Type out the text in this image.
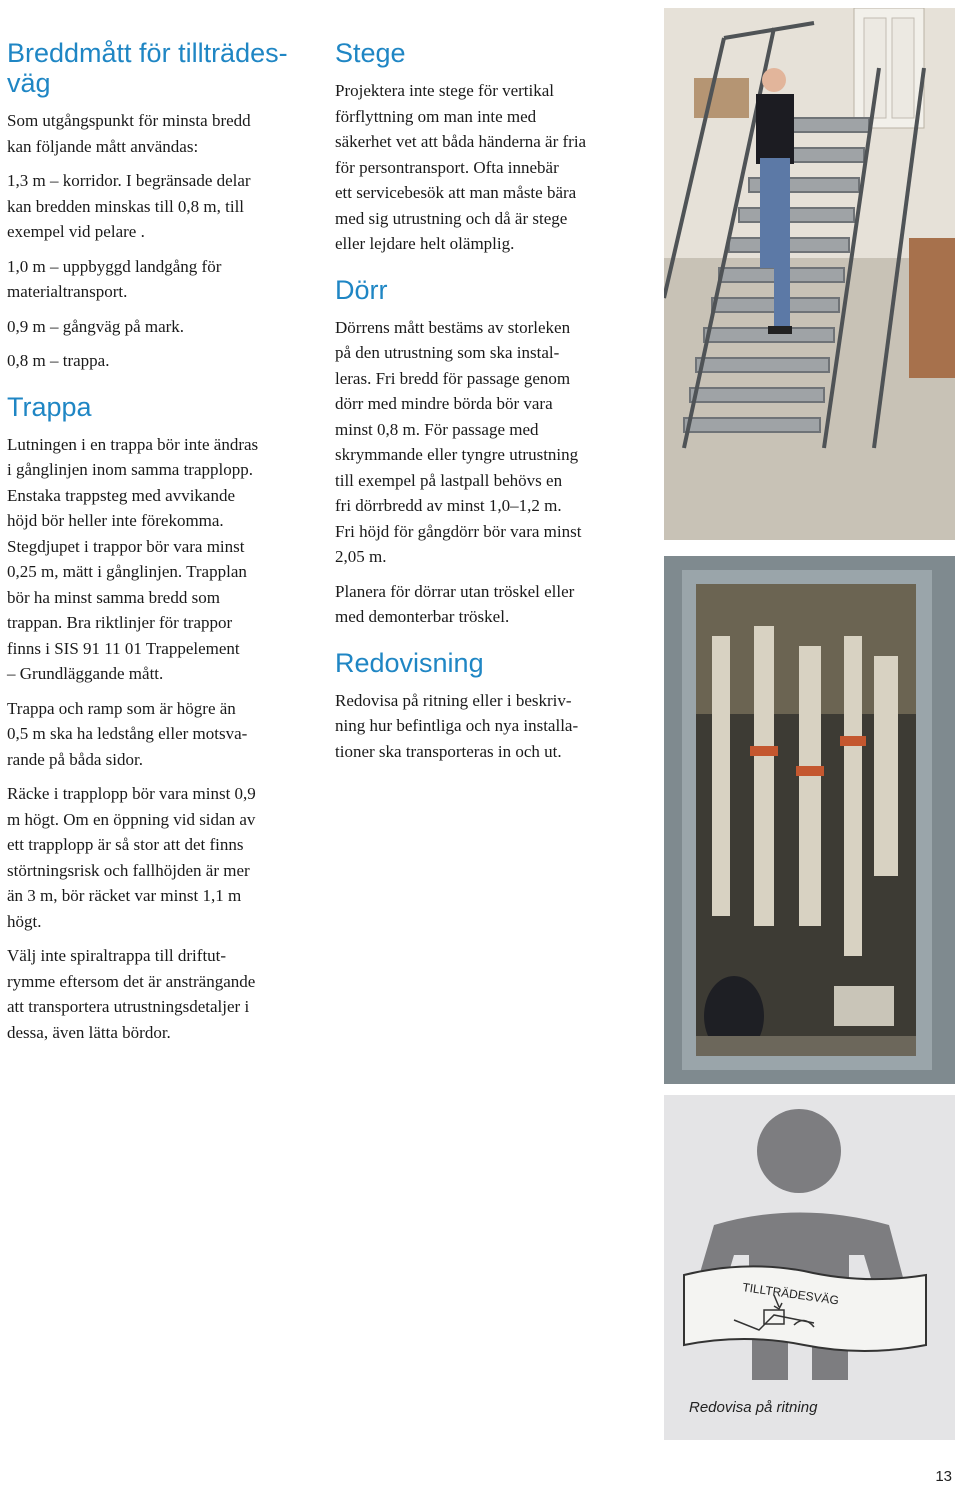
Breddmått för tillträdes-
väg

Som utgångspunkt för minsta bredd
kan följande mått användas:

1,3 m – korridor. I begränsade delar
kan bredden minskas till 0,8 m, till
exempel vid pelare .

1,0 m – uppbyggd landgång för
materialtransport.

0,9 m – gångväg på mark.

0,8 m – trappa.

Trappa

Lutningen i en trappa bör inte ändras
i gånglinjen inom samma trapplopp.
Enstaka trappsteg med avvikande
höjd bör heller inte förekomma.
Stegdjupet i trappor bör vara minst
0,25 m, mätt i gånglinjen. Trapplan
bör ha minst samma bredd som
trappan. Bra riktlinjer för trappor
finns i SIS 91 11 01 Trappelement
– Grundläggande mått.

Trappa och ramp som är högre än
0,5 m ska ha ledstång eller motsva-
rande på båda sidor.

Räcke i trapplopp bör vara minst 0,9
m högt. Om en öppning vid sidan av
ett trapplopp är så stor att det finns
störtningsrisk och fallhöjden är mer
än 3 m, bör räcket var minst 1,1 m
högt.

Välj inte spiraltrappa till driftut-
rymme eftersom det är ansträngande
att transportera utrustningsdetaljer i
dessa, även lätta bördor.

Stege

Projektera inte stege för vertikal
förflyttning om man inte med
säkerhet vet att båda händerna är fria
för persontransport. Ofta innebär
ett servicebesök att man måste bära
med sig utrustning och då är stege
eller lejdare helt olämplig.

Dörr

Dörrens mått bestäms av storleken
på den utrustning som ska instal-
leras. Fri bredd för passage genom
dörr med mindre börda bör vara
minst 0,8 m. För passage med
skrymmande eller tyngre utrustning
till exempel på lastpall behövs en
fri dörrbredd av minst 1,0–1,2 m.
Fri höjd för gångdörr bör vara minst
2,05 m.

Planera för dörrar utan tröskel eller
med demonterbar tröskel.

Redovisning

Redovisa på ritning eller i beskriv-
ning hur befintliga och nya installa-
tioner ska transporteras in och ut.

TILLTRÄDESVÄG
Redovisa på ritning
13
